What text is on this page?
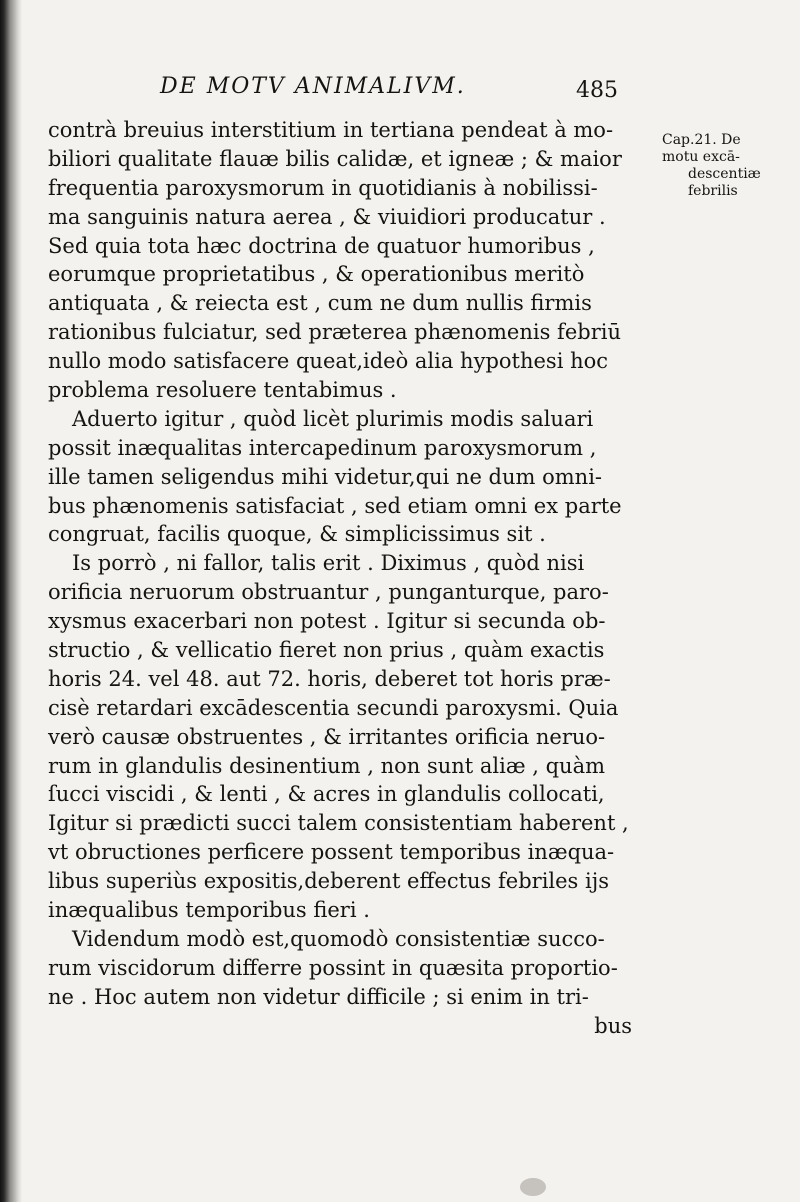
DE MOTV ANIMALIVM.	485
Cap.21. De
motu excā-
descentiæ
febrilis
contrà breuius interstitium in tertiana pendeat à mo-
biliori qualitate flauæ bilis calidæ, et igneæ ; & maior
frequentia paroxysmorum in quotidianis à nobilissi-
ma sanguinis natura aerea , & viuidiori producatur .
Sed quia tota hæc doctrina de quatuor humoribus ,
eorumque proprietatibus , & operationibus meritò
antiquata , & reiecta est , cum ne dum nullis firmis
rationibus fulciatur, sed præterea phænomenis febriū
nullo modo satisfacere queat,ideò alia hypothesi hoc
problema resoluere tentabimus .
Aduerto igitur , quòd licèt plurimis modis saluari
possit inæqualitas intercapedinum paroxysmorum ,
ille tamen seligendus mihi videtur,qui ne dum omni-
bus phænomenis satisfaciat , sed etiam omni ex parte
congruat, facilis quoque, & simplicissimus sit .
Is porrò , ni fallor, talis erit . Diximus , quòd nisi
orificia neruorum obstruantur , punganturque, paro-
xysmus exacerbari non potest . Igitur si secunda ob-
structio , & vellicatio fieret non prius , quàm exactis
horis 24. vel 48. aut 72. horis, deberet tot horis præ-
cisè retardari excādescentia secundi paroxysmi. Quia
verò causæ obstruentes , & irritantes orificia neruo-
rum in glandulis desinentium , non sunt aliæ , quàm
ſucci viscidi , & lenti , & acres in glandulis collocati,
Igitur si prædicti succi talem consistentiam haberent ,
vt obructiones perficere possent temporibus inæqua-
libus superiùs expositis,deberent effectus febriles ijs
inæqualibus temporibus fieri .
Videndum modò est,quomodò consistentiæ succo-
rum viscidorum differre possint in quæsita proportio-
ne . Hoc autem non videtur difficile ; si enim in tri-
bus
